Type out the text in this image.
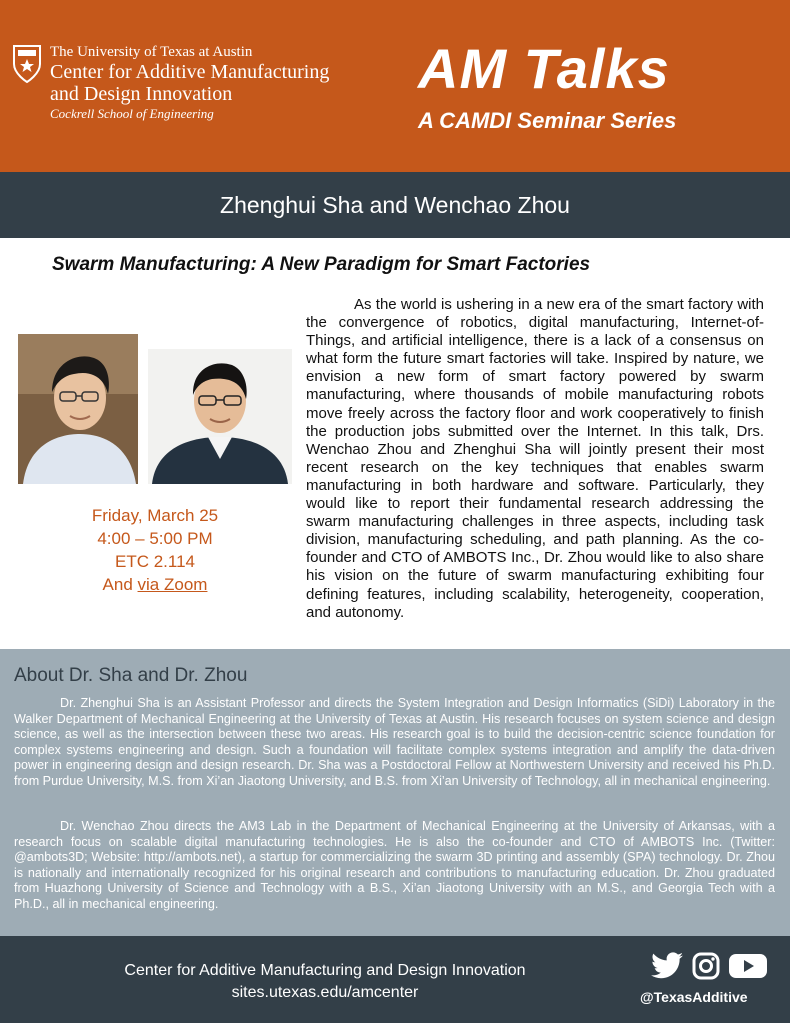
The University of Texas at Austin
Center for Additive Manufacturing
and Design Innovation
Cockrell School of Engineering
AM Talks
A CAMDI Seminar Series
Zhenghui Sha and Wenchao Zhou
Swarm Manufacturing: A New Paradigm for Smart Factories
Friday, March 25
4:00 – 5:00 PM
ETC 2.114
And via Zoom

As the world is ushering in a new era of the smart factory with the convergence of robotics, digital manufacturing, Internet-of-Things, and artificial intelligence, there is a lack of a consensus on what form the future smart factories will take. Inspired by nature, we envision a new form of smart factory powered by swarm manufacturing, where thousands of mobile manufacturing robots move freely across the factory floor and work cooperatively to finish the production jobs submitted over the Internet. In this talk, Drs. Wenchao Zhou and Zhenghui Sha will jointly present their most recent research on the key techniques that enables swarm manufacturing in both hardware and software. Particularly, they would like to report their fundamental research addressing the swarm manufacturing challenges in three aspects, including task division, manufacturing scheduling, and path planning. As the co-founder and CTO of AMBOTS Inc., Dr. Zhou would like to also share his vision on the future of swarm manufacturing exhibiting four defining features, including scalability, heterogeneity, cooperation, and autonomy.

About Dr. Sha and Dr. Zhou

Dr. Zhenghui Sha is an Assistant Professor and directs the System Integration and Design Informatics (SiDi) Laboratory in the Walker Department of Mechanical Engineering at the University of Texas at Austin. His research focuses on system science and design science, as well as the intersection between these two areas. His research goal is to build the decision-centric science foundation for complex systems engineering and design. Such a foundation will facilitate complex systems integration and amplify the data-driven power in engineering design and design research. Dr. Sha was a Postdoctoral Fellow at Northwestern University and received his Ph.D. from Purdue University, M.S. from Xi’an Jiaotong University, and B.S. from Xi’an University of Technology, all in mechanical engineering.

Dr. Wenchao Zhou directs the AM3 Lab in the Department of Mechanical Engineering at the University of Arkansas, with a research focus on scalable digital manufacturing technologies. He is also the co-founder and CTO of AMBOTS Inc. (Twitter: @ambots3D; Website: http://ambots.net), a startup for commercializing the swarm 3D printing and assembly (SPA) technology. Dr. Zhou is nationally and internationally recognized for his original research and contributions to manufacturing education. Dr. Zhou graduated from Huazhong University of Science and Technology with a B.S., Xi’an Jiaotong University with an M.S., and Georgia Tech with a Ph.D., all in mechanical engineering.

Center for Additive Manufacturing and Design Innovation
sites.utexas.edu/amcenter	@TexasAdditive
